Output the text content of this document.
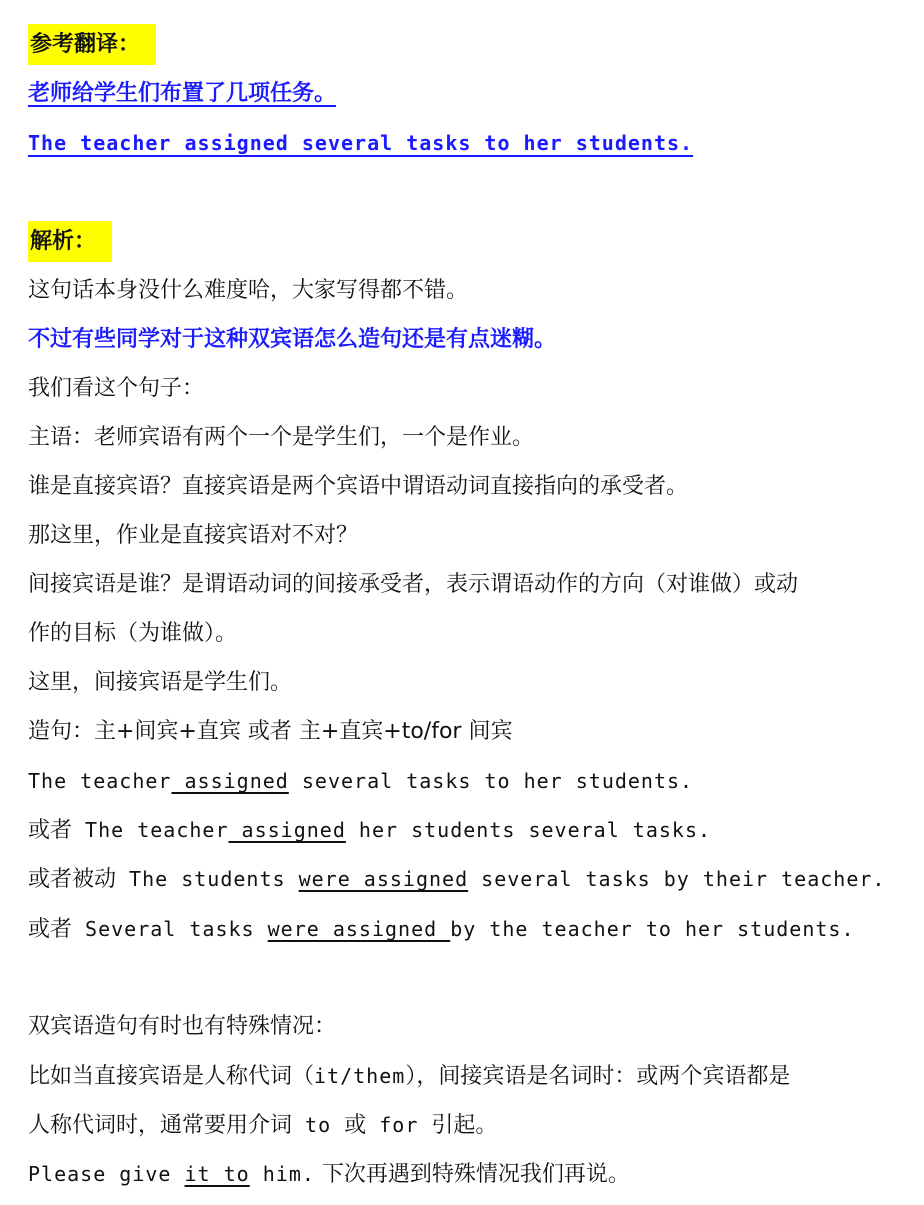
参考翻译：
老师给学生们布置了几项任务。
The teacher assigned several tasks to her students.
解析：
这句话本身没什么难度哈，大家写得都不错。
不过有些同学对于这种双宾语怎么造句还是有点迷糊。
我们看这个句子：
主语：老师宾语有两个一个是学生们，一个是作业。
谁是直接宾语？直接宾语是两个宾语中谓语动词直接指向的承受者。
那这里，作业是直接宾语对不对？
间接宾语是谁？是谓语动词的间接承受者，表示谓语动作的方向（对谁做）或动
作的目标（为谁做）。
这里，间接宾语是学生们。
造句：主+间宾+直宾 或者 主+直宾+to/for 间宾
The teacher assigned several tasks to her students.
或者 The teacher assigned her students several tasks.
或者被动 The students were assigned several tasks by their teacher.
或者 Several tasks were assigned by the teacher to her students.
双宾语造句有时也有特殊情况：
比如当直接宾语是人称代词（it/them），间接宾语是名词时：或两个宾语都是
人称代词时，通常要用介词 to 或 for 引起。
Please give it to him. 下次再遇到特殊情况我们再说。
